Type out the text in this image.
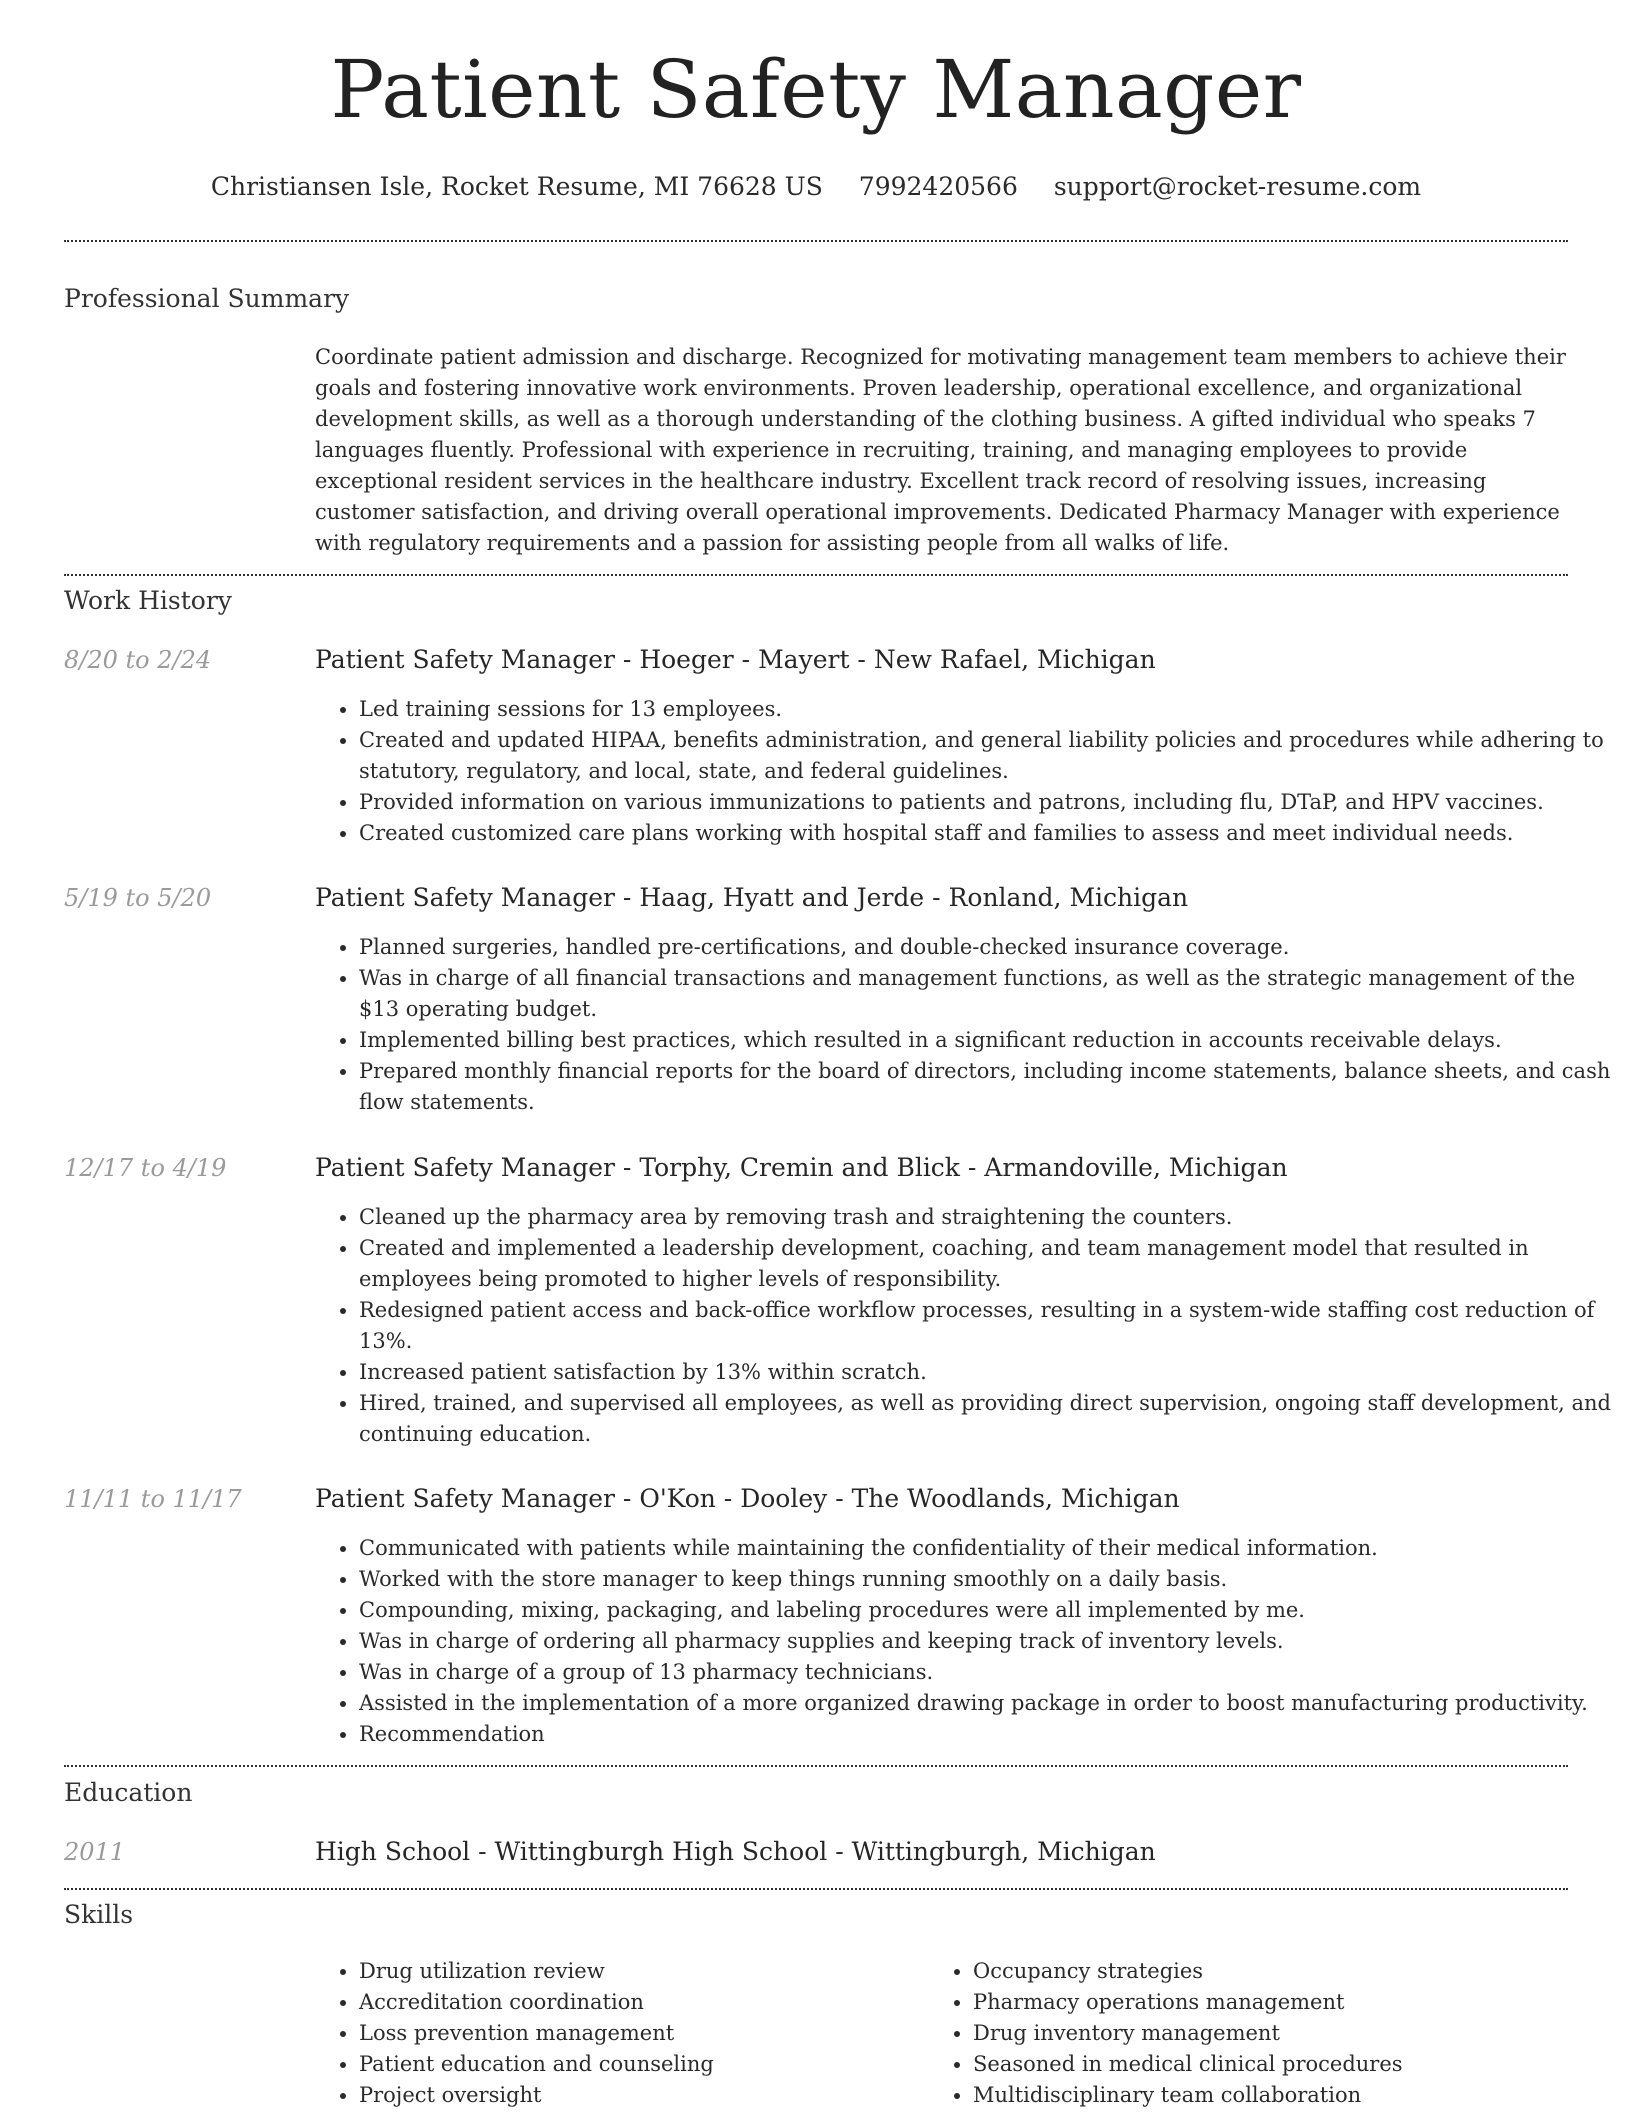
Patient Safety Manager
Christiansen Isle, Rocket Resume, MI 76628 US 7992420566 support@rocket-resume.com
Professional Summary

Coordinate patient admission and discharge. Recognized for motivating management team members to achieve their goals and fostering innovative work environments. Proven leadership, operational excellence, and organizational development skills, as well as a thorough understanding of the clothing business. A gifted individual who speaks 7 languages fluently. Professional with experience in recruiting, training, and managing employees to provide exceptional resident services in the healthcare industry. Excellent track record of resolving issues, increasing customer satisfaction, and driving overall operational improvements. Dedicated Pharmacy Manager with experience with regulatory requirements and a passion for assisting people from all walks of life.

Work History
8/20 to 2/24	Patient Safety Manager - Hoeger - Mayert - New Rafael, Michigan
• Led training sessions for 13 employees.
• Created and updated HIPAA, benefits administration, and general liability policies and procedures while adhering to statutory, regulatory, and local, state, and federal guidelines.
• Provided information on various immunizations to patients and patrons, including flu, DTaP, and HPV vaccines.
• Created customized care plans working with hospital staff and families to assess and meet individual needs.
5/19 to 5/20	Patient Safety Manager - Haag, Hyatt and Jerde - Ronland, Michigan
• Planned surgeries, handled pre-certifications, and double-checked insurance coverage.
• Was in charge of all financial transactions and management functions, as well as the strategic management of the $13 operating budget.
• Implemented billing best practices, which resulted in a significant reduction in accounts receivable delays.
• Prepared monthly financial reports for the board of directors, including income statements, balance sheets, and cash flow statements.
12/17 to 4/19	Patient Safety Manager - Torphy, Cremin and Blick - Armandoville, Michigan
• Cleaned up the pharmacy area by removing trash and straightening the counters.
• Created and implemented a leadership development, coaching, and team management model that resulted in employees being promoted to higher levels of responsibility.
• Redesigned patient access and back-office workflow processes, resulting in a system-wide staffing cost reduction of 13%.
• Increased patient satisfaction by 13% within scratch.
• Hired, trained, and supervised all employees, as well as providing direct supervision, ongoing staff development, and continuing education.
11/11 to 11/17	Patient Safety Manager - O'Kon - Dooley - The Woodlands, Michigan
• Communicated with patients while maintaining the confidentiality of their medical information.
• Worked with the store manager to keep things running smoothly on a daily basis.
• Compounding, mixing, packaging, and labeling procedures were all implemented by me.
• Was in charge of ordering all pharmacy supplies and keeping track of inventory levels.
• Was in charge of a group of 13 pharmacy technicians.
• Assisted in the implementation of a more organized drawing package in order to boost manufacturing productivity.
• Recommendation
Education
2011	High School - Wittingburgh High School - Wittingburgh, Michigan
Skills
• Drug utilization review
• Accreditation coordination
• Loss prevention management
• Patient education and counseling
• Project oversight
• Occupancy strategies
• Pharmacy operations management
• Drug inventory management
• Seasoned in medical clinical procedures
• Multidisciplinary team collaboration
